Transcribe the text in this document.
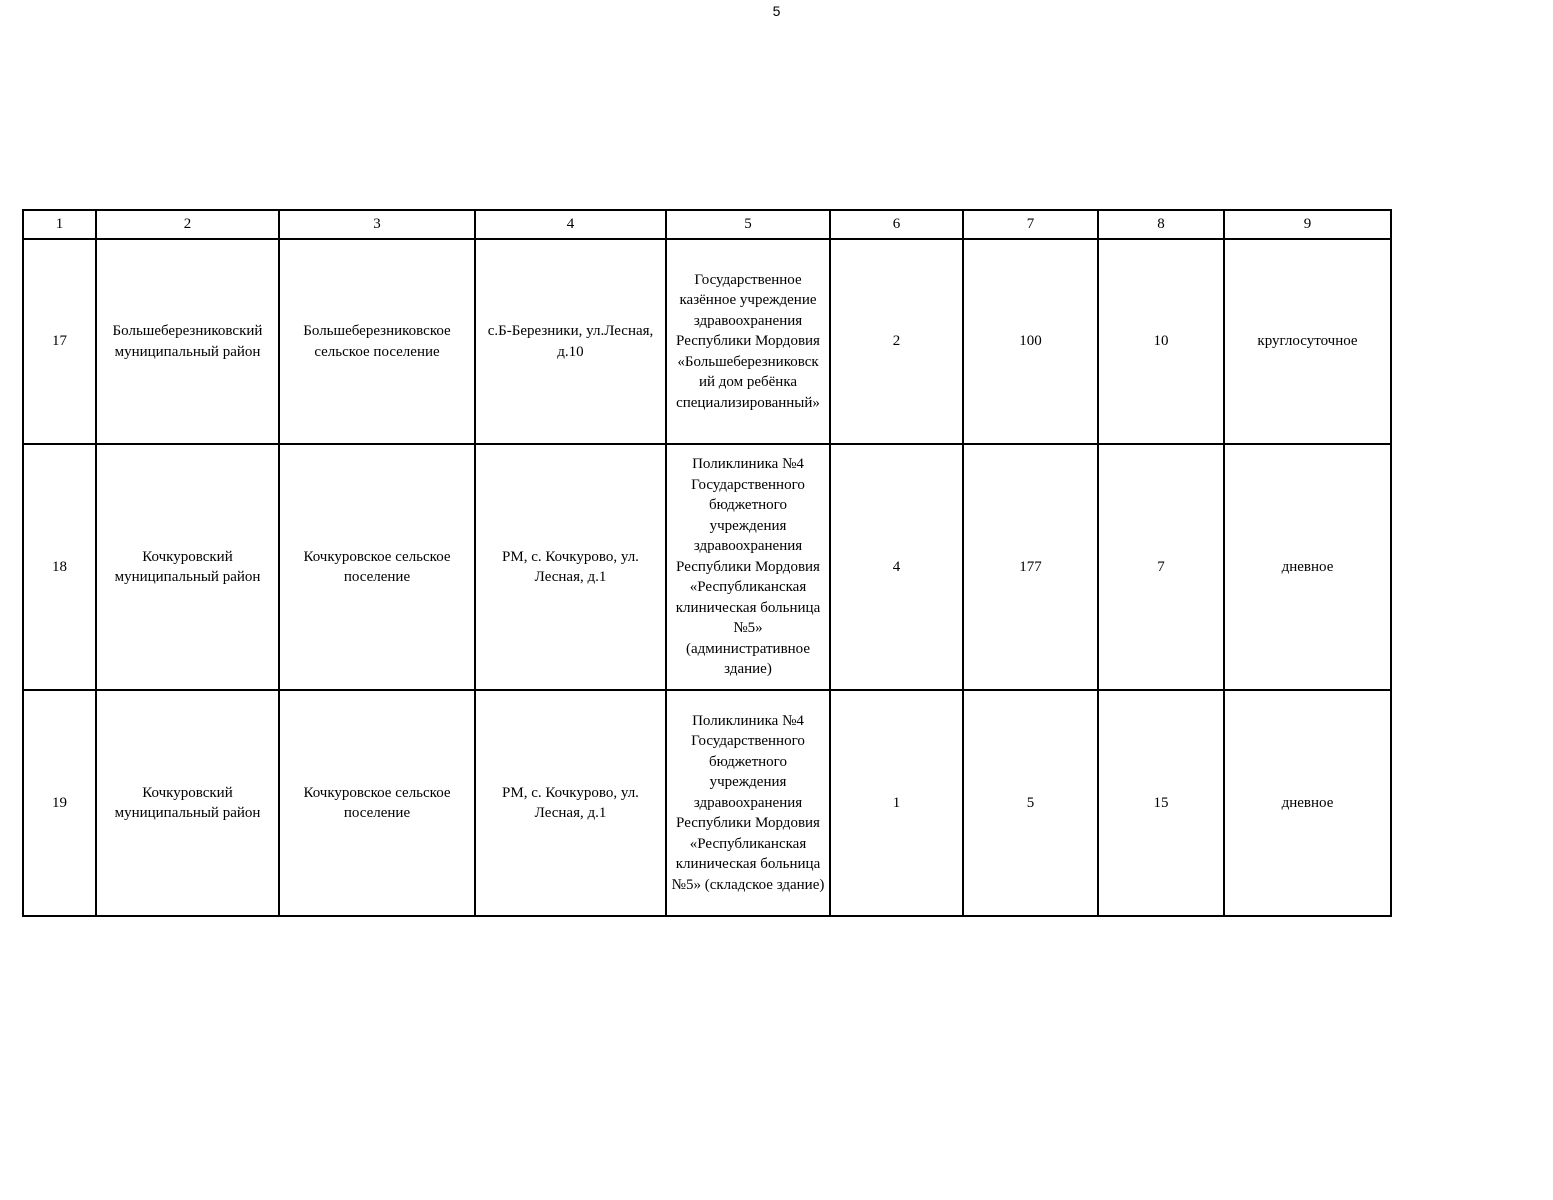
5
1	2	3	4	5	6	7	8	9
17	Большеберезниковский муниципальный район	Большеберезниковское сельское поселение	с.Б-Березники, ул.Лесная, д.10	Государственное казённое учреждение здравоохранения Республики Мордовия «Большеберезниковск ий дом ребёнка специализированный»	2	100	10	круглосуточное
18	Кочкуровский муниципальный район	Кочкуровское сельское поселение	РМ, с. Кочкурово, ул. Лесная, д.1	Поликлиника №4 Государственного бюджетного учреждения здравоохранения Республики Мордовия «Республиканская клиническая больница №5» (административное здание)	4	177	7	дневное
19	Кочкуровский муниципальный район	Кочкуровское сельское поселение	РМ, с. Кочкурово, ул. Лесная, д.1	Поликлиника №4 Государственного бюджетного учреждения здравоохранения Республики Мордовия «Республиканская клиническая больница №5» (складское здание)	1	5	15	дневное
